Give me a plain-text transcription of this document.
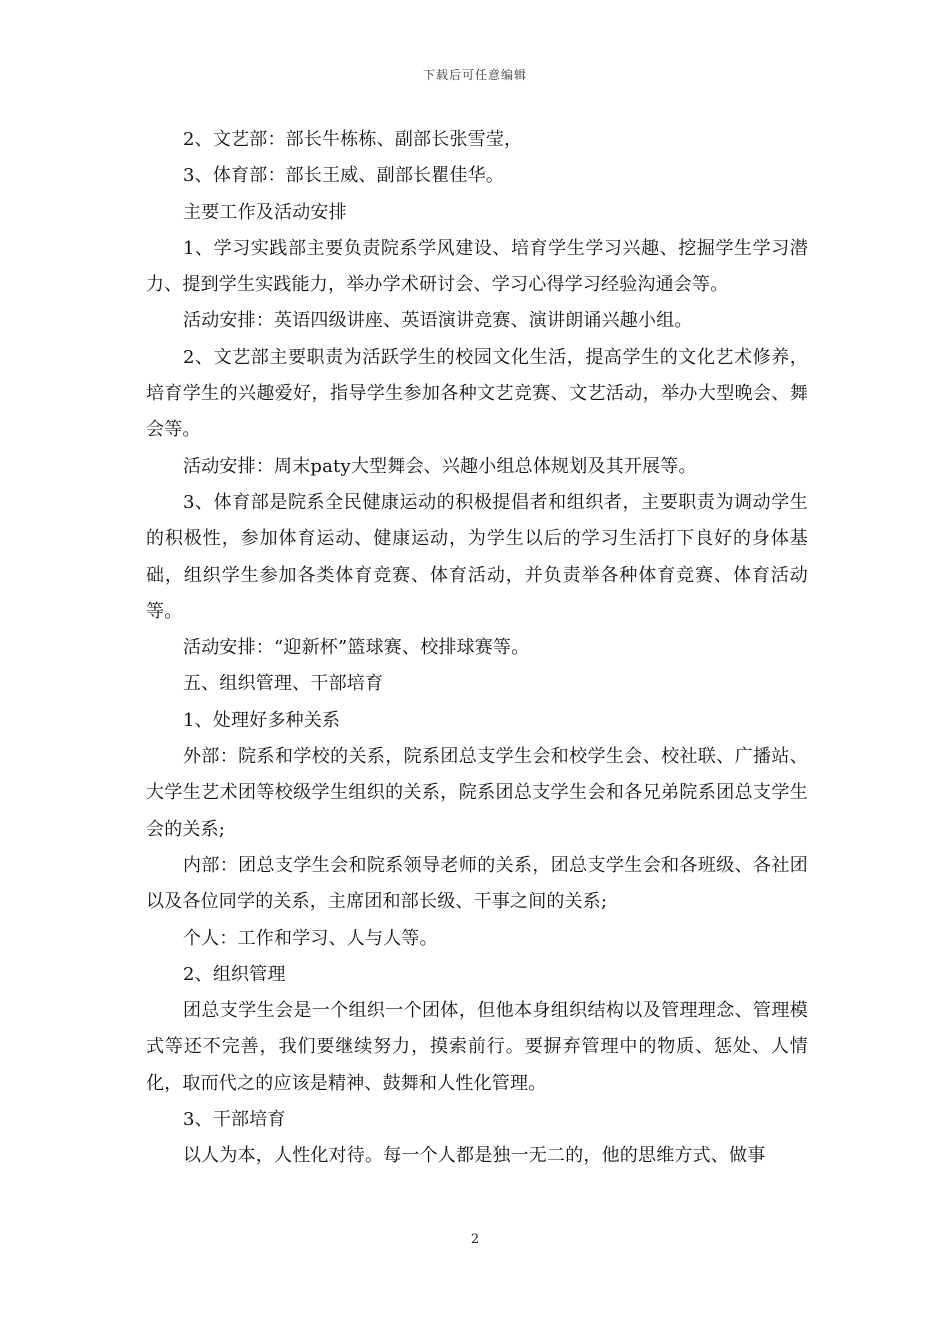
下载后可任意编辑

2、文艺部：部长牛栋栋、副部长张雪莹，

3、体育部：部长王威、副部长瞿佳华。

主要工作及活动安排

1、学习实践部主要负责院系学风建设、培育学生学习兴趣、挖掘学生学习潜力、提到学生实践能力，举办学术研讨会、学习心得学习经验沟通会等。

活动安排：英语四级讲座、英语演讲竞赛、演讲朗诵兴趣小组。

2、文艺部主要职责为活跃学生的校园文化生活，提高学生的文化艺术修养，培育学生的兴趣爱好，指导学生参加各种文艺竞赛、文艺活动，举办大型晚会、舞会等。

活动安排：周末paty大型舞会、兴趣小组总体规划及其开展等。

3、体育部是院系全民健康运动的积极提倡者和组织者，主要职责为调动学生的积极性，参加体育运动、健康运动，为学生以后的学习生活打下良好的身体基础，组织学生参加各类体育竞赛、体育活动，并负责举各种体育竞赛、体育活动等。

活动安排：“迎新杯”篮球赛、校排球赛等。

五、组织管理、干部培育

1、处理好多种关系

外部：院系和学校的关系，院系团总支学生会和校学生会、校社联、广播站、大学生艺术团等校级学生组织的关系，院系团总支学生会和各兄弟院系团总支学生会的关系;

内部：团总支学生会和院系领导老师的关系，团总支学生会和各班级、各社团以及各位同学的关系，主席团和部长级、干事之间的关系;

个人：工作和学习、人与人等。

2、组织管理

团总支学生会是一个组织一个团体，但他本身组织结构以及管理理念、管理模式等还不完善，我们要继续努力，摸索前行。要摒弃管理中的物质、惩处、人情化，取而代之的应该是精神、鼓舞和人性化管理。

3、干部培育

以人为本，人性化对待。每一个人都是独一无二的，他的思维方式、做事

2
